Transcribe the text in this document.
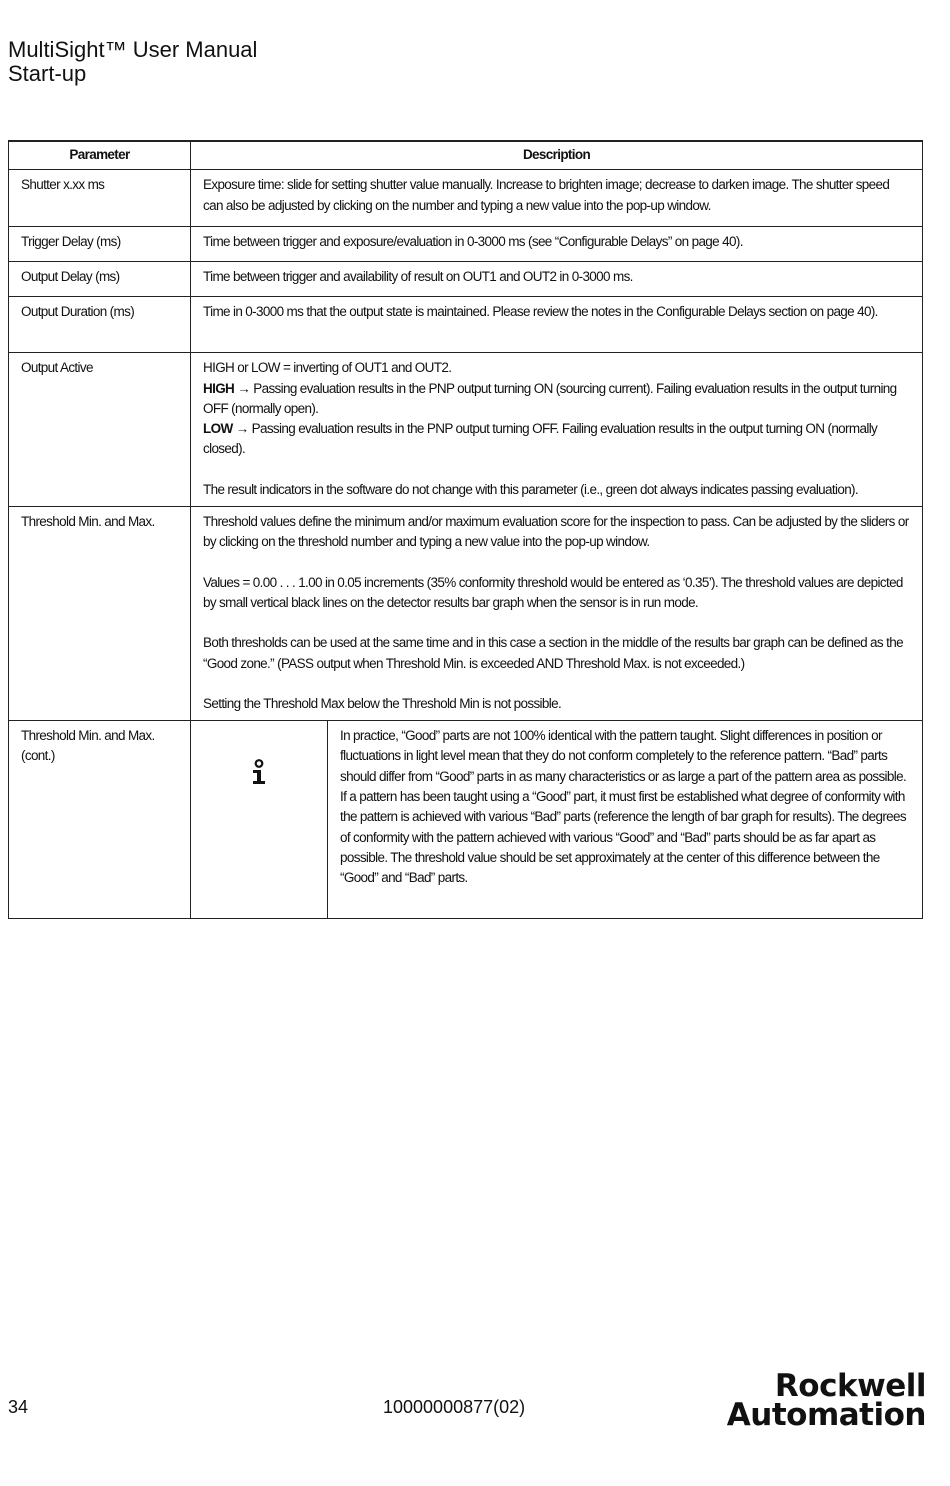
MultiSight™ User Manual
Start-up
Parameter	Description	
Shutter x.xx ms	Exposure time: slide for setting shutter value manually. Increase to brighten image; decrease to darken image. The shutter speed can also be adjusted by clicking on the number and typing a new value into the pop-up window.	

Trigger Delay (ms)	Time between trigger and exposure/evaluation in 0-3000 ms (see “Configurable Delays” on page 40).	

Output Delay (ms)	Time between trigger and availability of result on OUT1 and OUT2 in 0-3000 ms.	

Output Duration (ms)	Time in 0-3000 ms that the output state is maintained. Please review the notes in the Configurable Delays section on page 40).	

Output Active	HIGH or LOW = inverting of OUT1 and OUT2.

HIGH → Passing evaluation results in the PNP output turning ON (sourcing current). Failing evaluation results in the output turning OFF (normally open).

LOW → Passing evaluation results in the PNP output turning OFF. Failing evaluation results in the output turning ON (normally closed).

The result indicators in the software do not change with this parameter (i.e., green dot always indicates passing evaluation).	

Threshold Min. and Max.	Threshold values define the minimum and/or maximum evaluation score for the inspection to pass. Can be adjusted by the sliders or by clicking on the threshold number and typing a new value into the pop-up window.

Values = 0.00 . . . 1.00 in 0.05 increments (35% conformity threshold would be entered as ‘0.35’). The threshold values are depicted by small vertical black lines on the detector results bar graph when the sensor is in run mode.

Both thresholds can be used at the same time and in this case a section in the middle of the results bar graph can be defined as the “Good zone.” (PASS output when Threshold Min. is exceeded AND Threshold Max. is not exceeded.)

Setting the Threshold Max below the Threshold Min is not possible.	

Threshold Min. and Max. (cont.)		In practice, “Good” parts are not 100% identical with the pattern taught. Slight differences in position or fluctuations in light level mean that they do not conform completely to the reference pattern. “Bad” parts should differ from “Good” parts in as many characteristics or as large a part of the pattern area as possible. If a pattern has been taught using a “Good” part, it must first be established what degree of conformity with the pattern is achieved with various “Bad” parts (reference the length of bar graph for results). The degrees of conformity with the pattern achieved with various “Good” and “Bad” parts should be as far apart as possible. The threshold value should be set approximately at the center of this difference between the “Good” and “Bad” parts.

34	10000000877(02)
Rockwell
Automation
